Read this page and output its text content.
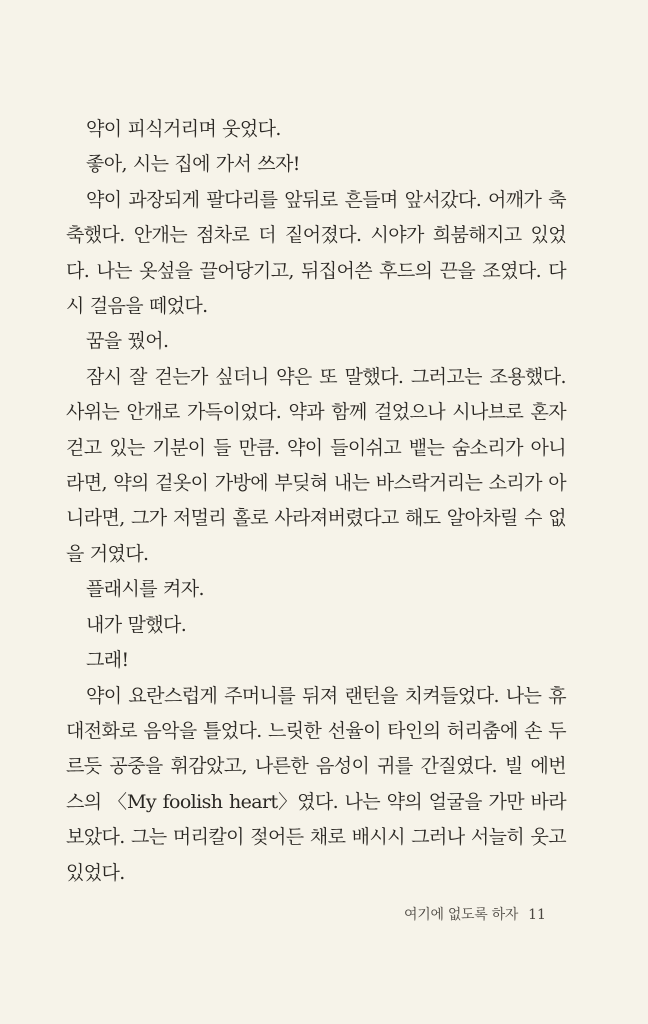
약이 피식거리며 웃었다.

좋아, 시는 집에 가서 쓰자!

약이 과장되게 팔다리를 앞뒤로 흔들며 앞서갔다. 어깨가 축축했다. 안개는 점차로 더 짙어졌다. 시야가 희붐해지고 있었다. 나는 옷섶을 끌어당기고, 뒤집어쓴 후드의 끈을 조였다. 다시 걸음을 떼었다.

꿈을 꿨어.

잠시 잘 걷는가 싶더니 약은 또 말했다. 그러고는 조용했다. 사위는 안개로 가득이었다. 약과 함께 걸었으나 시나브로 혼자 걷고 있는 기분이 들 만큼. 약이 들이쉬고 뱉는 숨소리가 아니라면, 약의 겉옷이 가방에 부딪혀 내는 바스락거리는 소리가 아니라면, 그가 저멀리 홀로 사라져버렸다고 해도 알아차릴 수 없을 거였다.

플래시를 켜자.

내가 말했다.

그래!

약이 요란스럽게 주머니를 뒤져 랜턴을 치켜들었다. 나는 휴대전화로 음악을 틀었다. 느릿한 선율이 타인의 허리춤에 손 두르듯 공중을 휘감았고, 나른한 음성이 귀를 간질였다. 빌 에번스의 〈My foolish heart〉였다. 나는 약의 얼굴을 가만 바라보았다. 그는 머리칼이 젖어든 채로 배시시 그러나 서늘히 웃고 있었다.

여기에 없도록 하자 11
